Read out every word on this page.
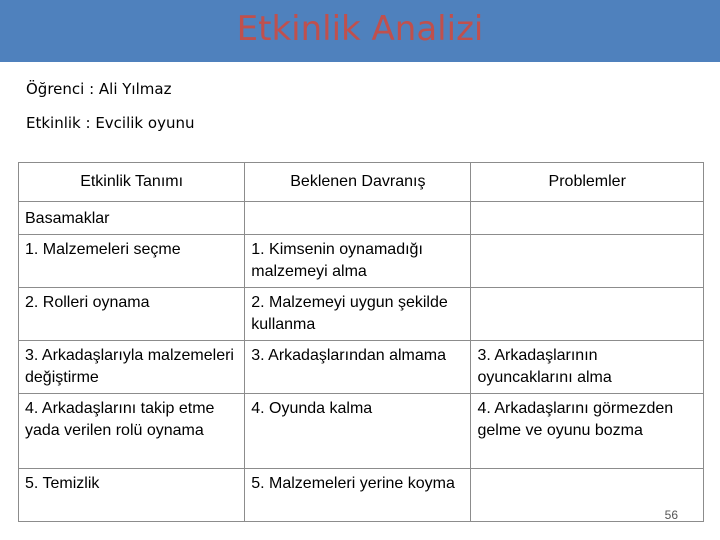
Etkinlik Analizi
Öğrenci : Ali Yılmaz
Etkinlik : Evcilik oyunu
Etkinlik Tanımı	Beklenen Davranış	Problemler
Basamaklar		
1. Malzemeleri seçme	1. Kimsenin oynamadığı malzemeyi alma	
2. Rolleri oynama	2. Malzemeyi uygun şekilde kullanma	
3. Arkadaşlarıyla malzemeleri değiştirme	3. Arkadaşlarından almama	3. Arkadaşlarının oyuncaklarını alma
4. Arkadaşlarını takip etme yada verilen rolü oynama	4. Oyunda kalma	4. Arkadaşlarını görmezden gelme ve oyunu bozma
5. Temizlik	5. Malzemeleri yerine koyma	
56
